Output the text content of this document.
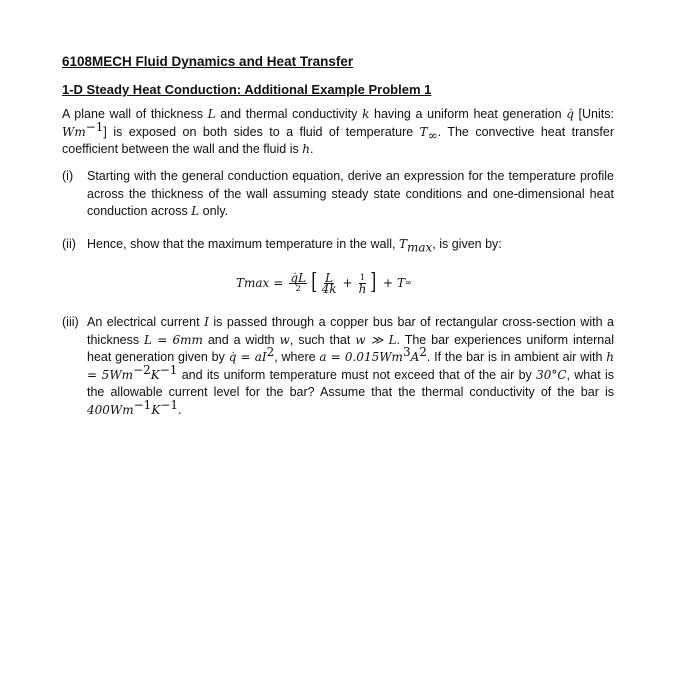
6108MECH Fluid Dynamics and Heat Transfer
1-D Steady Heat Conduction: Additional Example Problem 1

A plane wall of thickness L and thermal conductivity k having a uniform heat generation q̇ [Units: $Wm^{-1}$] is exposed on both sides to a fluid of temperature $T_\infty$. The convective heat transfer coefficient between the wall and the fluid is h.

(i) Starting with the general conduction equation, derive an expression for the temperature profile across the thickness of the wall assuming steady state conditions and one-dimensional heat conduction across L only.
(ii) Hence, show that the maximum temperature in the wall, $T_{max}$, is given by:
T $\max = \frac{q̇L}{2}$ [ $\frac{L}{4k} + \frac{1}{h}$ ] + T ∞
(iii) An electrical current I is passed through a copper bus bar of rectangular cross-section with a thickness L = 6mm and a width w, such that w ≫ L. The bar experiences uniform internal heat generation given by q̇ = $aI^2$, where $a = 0.015Wm^3A^2$. If the bar is in ambient air with $h = 5Wm^{-2}K^{-1}$ and its uniform temperature must not exceed that of the air by 30°C, what is the allowable current level for the bar? Assume that the thermal conductivity of the bar is $400Wm^{-1}K^{-1}$.
